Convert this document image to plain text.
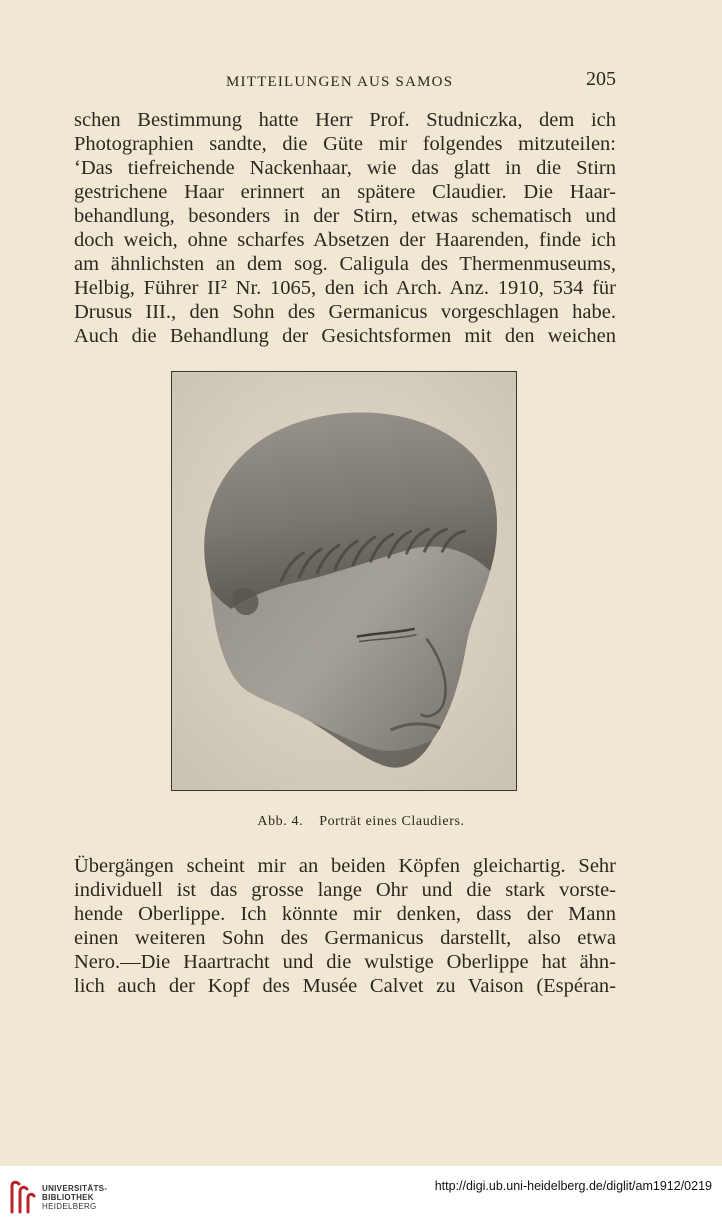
MITTEILUNGEN AUS SAMOS	205
schen Bestimmung hatte Herr Prof. Studniczka, dem ich
Photographien sandte, die Güte mir folgendes mitzuteilen:
‘Das tiefreichende Nackenhaar, wie das glatt in die Stirn
gestrichene Haar erinnert an spätere Claudier. Die Haar-
behandlung, besonders in der Stirn, etwas schematisch und
doch weich, ohne scharfes Absetzen der Haarenden, finde ich
am ähnlichsten an dem sog. Caligula des Thermenmuseums,
Helbig, Führer II² Nr. 1065, den ich Arch. Anz. 1910, 534 für
Drusus III., den Sohn des Germanicus vorgeschlagen habe.
Auch die Behandlung der Gesichtsformen mit den weichen
Abb. 4. Porträt eines Claudiers.
Übergängen scheint mir an beiden Köpfen gleichartig. Sehr
individuell ist das grosse lange Ohr und die stark vorste-
hende Oberlippe. Ich könnte mir denken, dass der Mann
einen weiteren Sohn des Germanicus darstellt, also etwa
Nero.—Die Haartracht und die wulstige Oberlippe hat ähn-
lich auch der Kopf des Musée Calvet zu Vaison (Espéran-
UNIVERSITÄTS-
BIBLIOTHEK
HEIDELBERG
http://digi.ub.uni-heidelberg.de/diglit/am1912/0219
